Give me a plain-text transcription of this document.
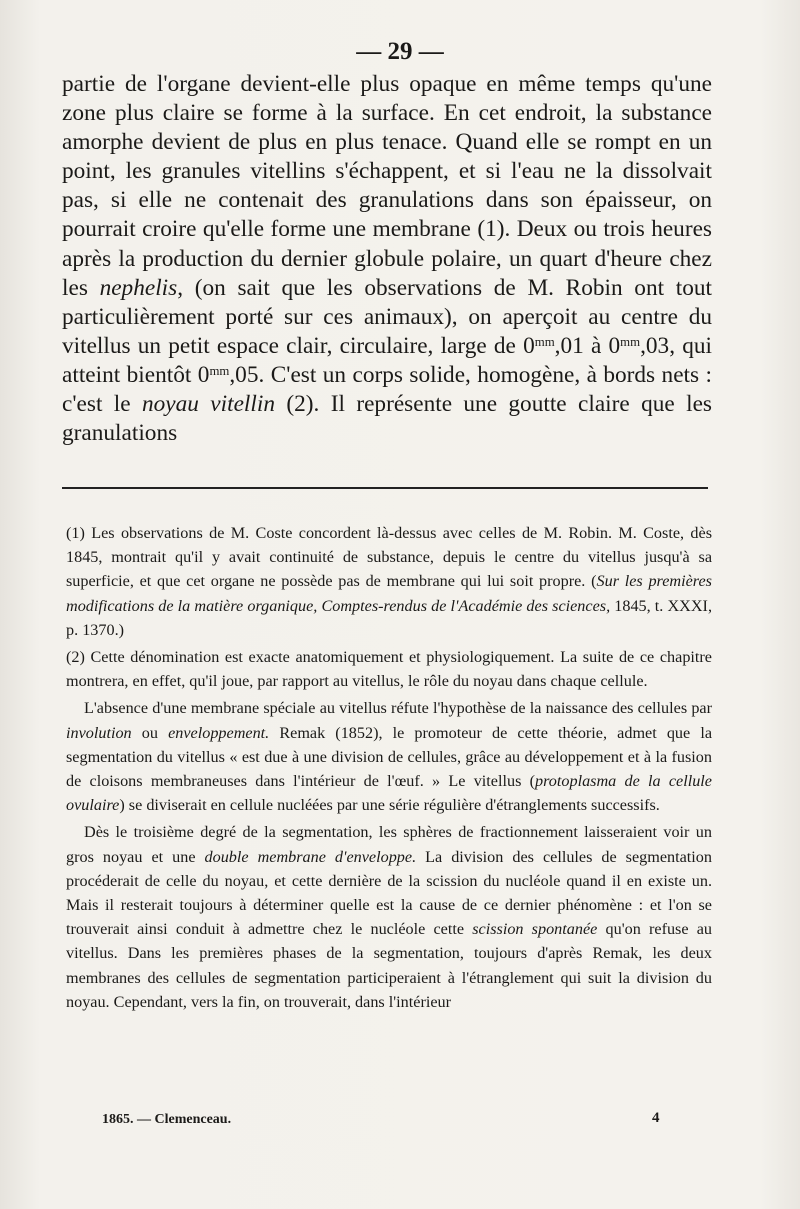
— 29 —

partie de l'organe devient-elle plus opaque en même temps qu'une zone plus claire se forme à la surface. En cet endroit, la substance amorphe devient de plus en plus tenace. Quand elle se rompt en un point, les granules vitellins s'échappent, et si l'eau ne la dissolvait pas, si elle ne contenait des granulations dans son épaisseur, on pourrait croire qu'elle forme une membrane (1). Deux ou trois heures après la production du dernier globule polaire, un quart d'heure chez les nephelis, (on sait que les observations de M. Robin ont tout particulièrement porté sur ces animaux), on aperçoit au centre du vitellus un petit espace clair, circulaire, large de $0^{mm},01$ à $0^{mm},03$, qui atteint bientôt $0^{mm},05$. C'est un corps solide, homogène, à bords nets : c'est le noyau vitellin (2). Il représente une goutte claire que les granulations

(1) Les observations de M. Coste concordent là-dessus avec celles de M. Robin. M. Coste, dès 1845, montrait qu'il y avait continuité de substance, depuis le centre du vitellus jusqu'à sa superficie, et que cet organe ne possède pas de membrane qui lui soit propre. (Sur les premières modifications de la matière organique, Comptes-rendus de l'Académie des sciences, 1845, t. XXXI, p. 1370.)

(2) Cette dénomination est exacte anatomiquement et physiologiquement. La suite de ce chapitre montrera, en effet, qu'il joue, par rapport au vitellus, le rôle du noyau dans chaque cellule.

L'absence d'une membrane spéciale au vitellus réfute l'hypothèse de la naissance des cellules par involution ou enveloppement. Remak (1852), le promoteur de cette théorie, admet que la segmentation du vitellus « est due à une division de cellules, grâce au développement et à la fusion de cloisons membraneuses dans l'intérieur de l'œuf. » Le vitellus (protoplasma de la cellule ovulaire) se diviserait en cellule nucléées par une série régulière d'étranglements successifs.

Dès le troisième degré de la segmentation, les sphères de fractionnement laisseraient voir un gros noyau et une double membrane d'enveloppe. La division des cellules de segmentation procéderait de celle du noyau, et cette dernière de la scission du nucléole quand il en existe un. Mais il resterait toujours à déterminer quelle est la cause de ce dernier phénomène : et l'on se trouverait ainsi conduit à admettre chez le nucléole cette scission spontanée qu'on refuse au vitellus. Dans les premières phases de la segmentation, toujours d'après Remak, les deux membranes des cellules de segmentation participeraient à l'étranglement qui suit la division du noyau. Cependant, vers la fin, on trouverait, dans l'intérieur

1865. — Clemenceau.	4
